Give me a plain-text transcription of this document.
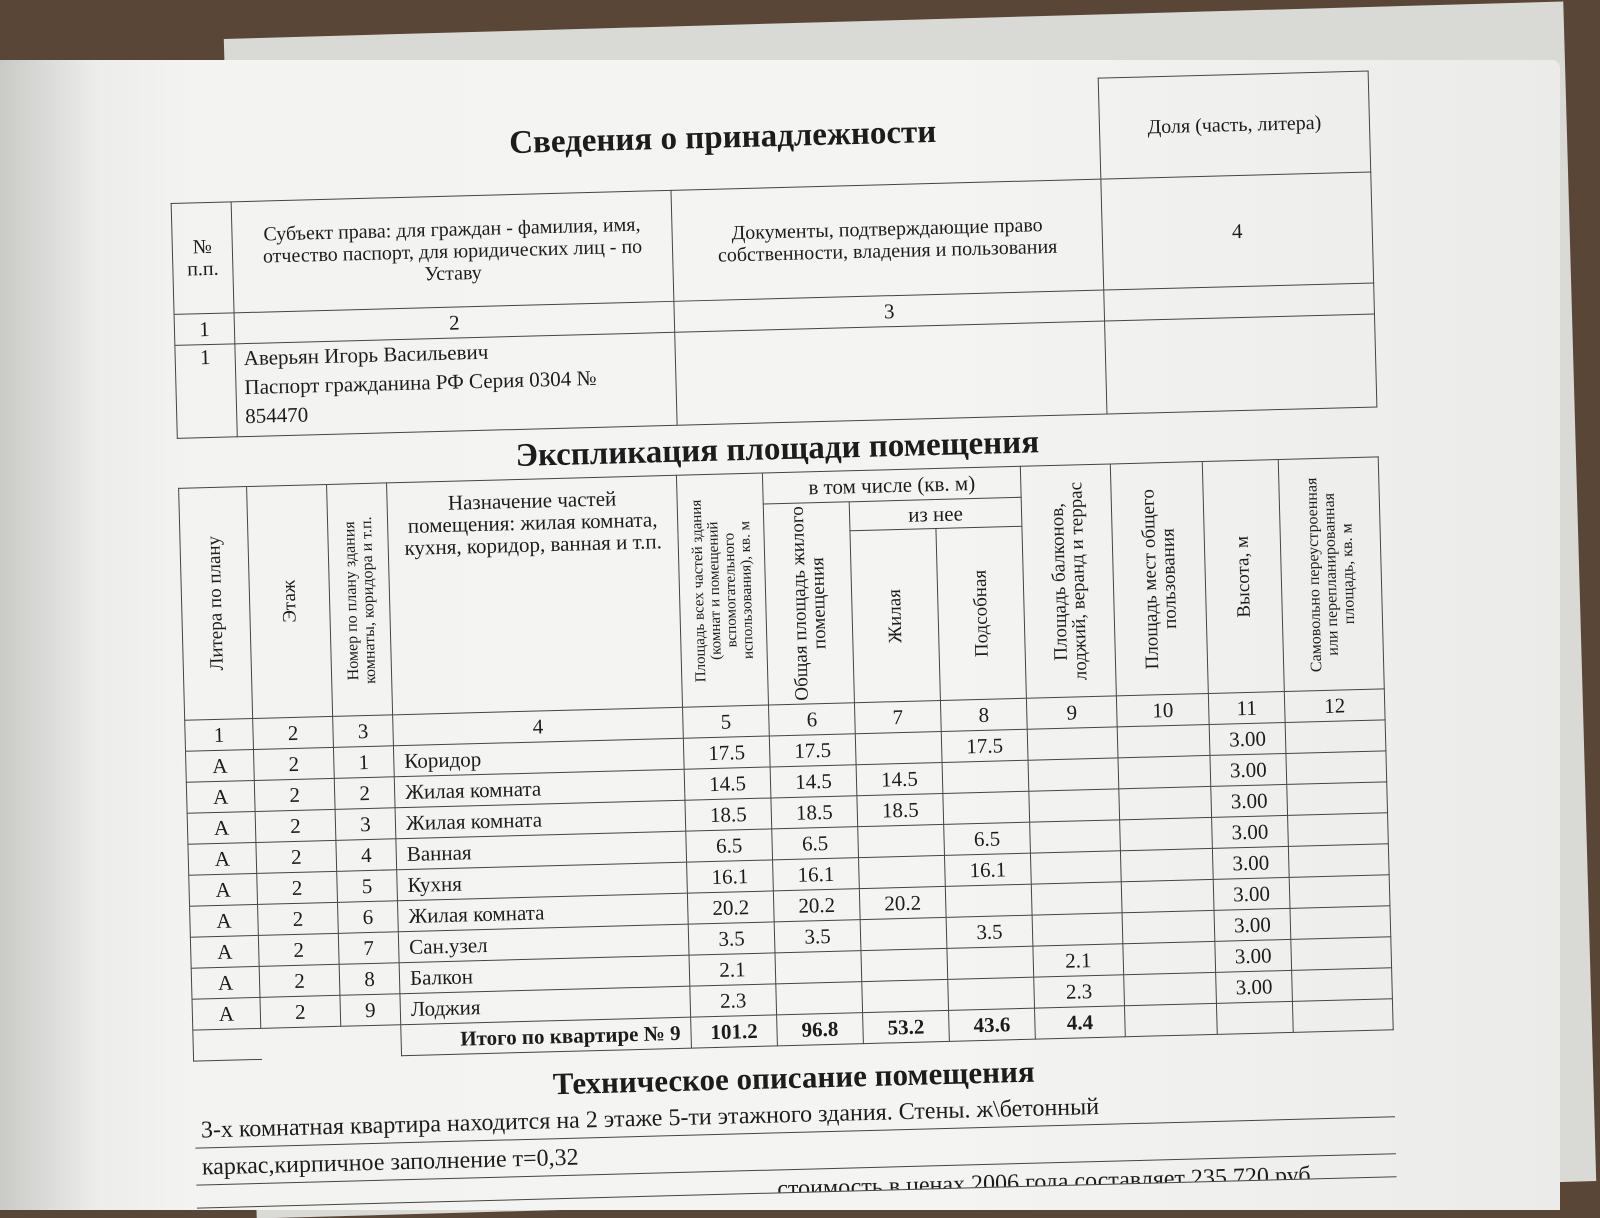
			Доля (часть, литера)
№ п.п.	Субъект права: для граждан - фамилия, имя, отчество паспорт, для юридических лиц - по Уставу	Документы, подтверждающие право собственности, владения и пользования	4
1	2	3	
1	Аверьян Игорь Васильевич
Паспорт гражданина РФ Серия 0304 №
854470		

Сведения о принадлежности
Экспликация площади помещения
Литера по плану	Этаж	Номер по плану здания комнаты, коридора и т.п.	Назначение частей помещения: жилая комната, кухня, коридор, ванная и т.п.	Площадь всех частей здания (комнат и помещений вспомогательного использования), кв. м	в том числе (кв. м)			Площадь балконов, лоджий, веранд и террас	Площадь мест общего пользования	Высота, м	Самовольно переустроенная или перепланированная площадь, кв. м

					Общая площадь жилого помещения	из нее					

						Жилая	Подсобная				

1	2	3	4	5	6	7	8	9	10	11	12
А	2	1	Коридор	17.5	17.5		17.5			3.00	
А	2	2	Жилая комната	14.5	14.5	14.5				3.00	
А	2	3	Жилая комната	18.5	18.5	18.5				3.00	
А	2	4	Ванная	6.5	6.5		6.5			3.00	
А	2	5	Кухня	16.1	16.1		16.1			3.00	
А	2	6	Жилая комната	20.2	20.2	20.2				3.00	
А	2	7	Сан.узел	3.5	3.5		3.5			3.00	
А	2	8	Балкон	2.1				2.1		3.00	
А	2	9	Лоджия	2.3				2.3		3.00	
			Итого по квартире № 9	101.2	96.8	53.2	43.6	4.4			
Техническое описание помещения
3-х комнатная квартира находится на 2 этаже 5-ти этажного здания. Стены. ж\бетонный
каркас,кирпичное заполнение т=0,32	...стоимость в ценах 2006 года составляет 235 720 руб.
